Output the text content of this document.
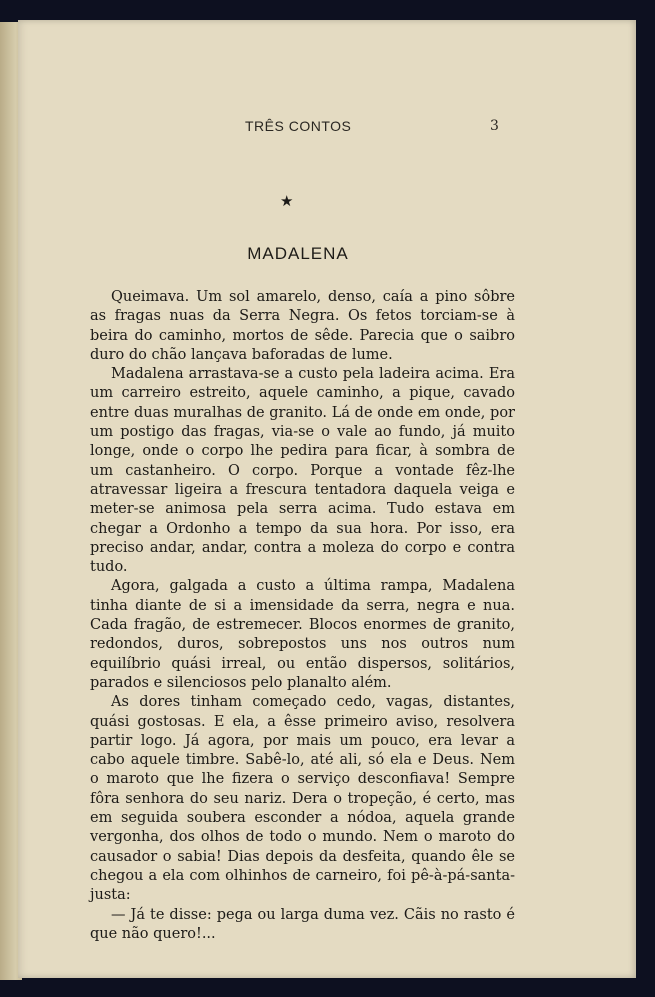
TRÊS CONTOS	3
★
MADALENA

Queimava. Um sol amarelo, denso, caía a pino sôbre as fragas nuas da Serra Negra. Os fetos torciam-se à beira do caminho, mortos de sêde. Parecia que o saibro duro do chão lançava baforadas de lume.

Madalena arrastava-se a custo pela ladeira acima. Era um carreiro estreito, aquele caminho, a pique, cavado entre duas muralhas de granito. Lá de onde em onde, por um postigo das fragas, via-se o vale ao fundo, já muito longe, onde o corpo lhe pedira para ficar, à sombra de um castanheiro. O corpo. Porque a vontade fêz-lhe atravessar ligeira a frescura tentadora daquela veiga e meter-se animosa pela serra acima. Tudo estava em chegar a Ordonho a tempo da sua hora. Por isso, era preciso andar, andar, contra a moleza do corpo e contra tudo.

Agora, galgada a custo a última rampa, Madalena tinha diante de si a imensidade da serra, negra e nua. Cada fragão, de estremecer. Blocos enormes de granito, redondos, duros, sobrepostos uns nos outros num equilíbrio quási irreal, ou então dispersos, solitários, parados e silenciosos pelo planalto além.

As dores tinham começado cedo, vagas, distantes, quási gostosas. E ela, a êsse primeiro aviso, resolvera partir logo. Já agora, por mais um pouco, era levar a cabo aquele timbre. Sabê-lo, até ali, só ela e Deus. Nem o maroto que lhe fizera o serviço desconfiava! Sempre fôra senhora do seu nariz. Dera o tropeção, é certo, mas em seguida soubera esconder a nódoa, aquela grande vergonha, dos olhos de todo o mundo. Nem o maroto do causador o sabia! Dias depois da desfeita, quando êle se chegou a ela com olhinhos de carneiro, foi pê-à-pá-santa-justa:

— Já te disse: pega ou larga duma vez. Cãis no rasto é que não quero!...
